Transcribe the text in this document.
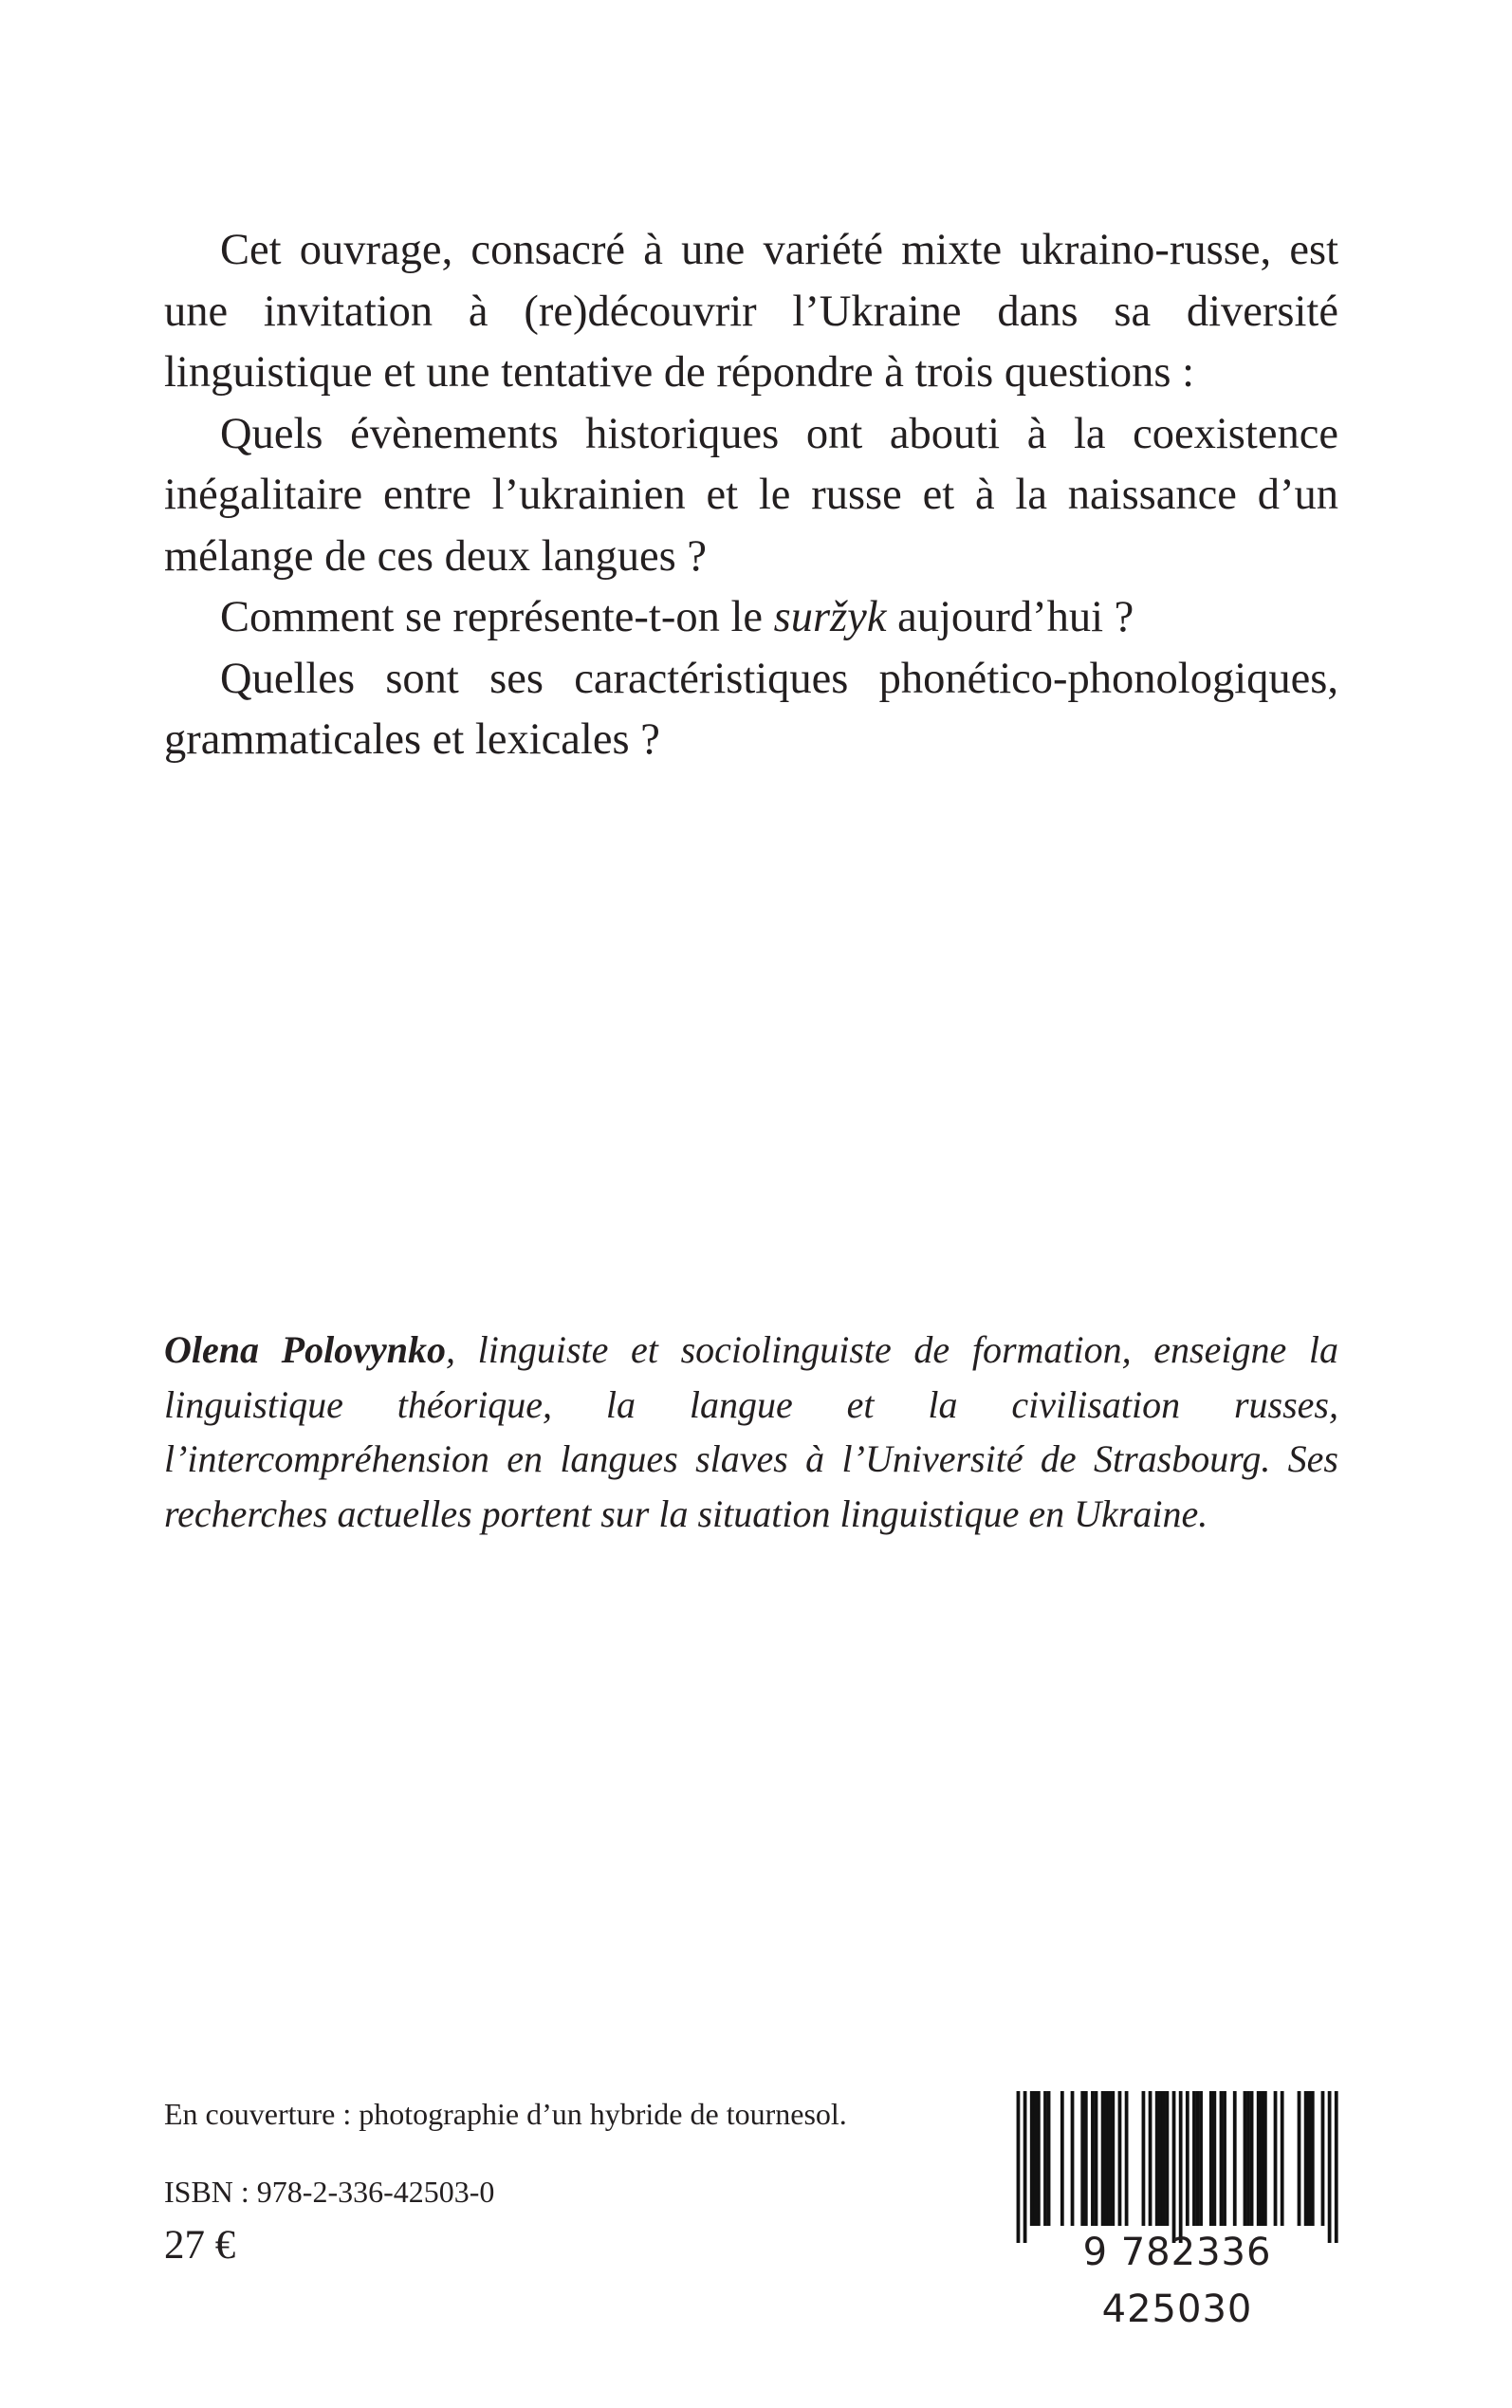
Cet ouvrage, consacré à une variété mixte ukraino-russe, est une invitation à (re)découvrir l’Ukraine dans sa diversité linguistique et une tentative de répondre à trois questions :

Quels évènements historiques ont abouti à la coexistence inégalitaire entre l’ukrainien et le russe et à la naissance d’un mélange de ces deux langues ?

Comment se représente-t-on le suržyk aujourd’hui ?

Quelles sont ses caractéristiques phonético-phonologiques, grammaticales et lexicales ?

Olena Polovynko, linguiste et sociolinguiste de formation, enseigne la linguistique théorique, la langue et la civilisation russes, l’intercompréhension en langues slaves à l’Université de Strasbourg. Ses recherches actuelles portent sur la situation linguistique en Ukraine.

En couverture : photographie d’un hybride de tournesol.
ISBN : 978-2-336-42503-0
27 €	9 782336 425030
